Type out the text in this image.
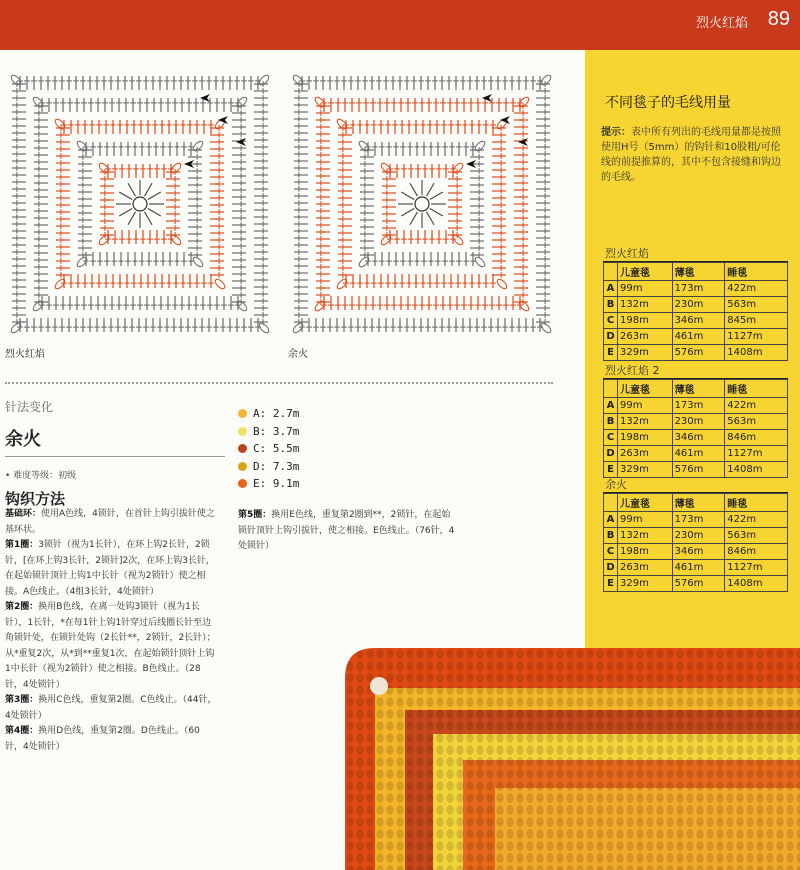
烈火红焰 89
烈火红焰	余火
针法变化
余火
• 难度等级：初级
钩织方法
基础环：使用A色线，4锁针，在首针上钩引拔针使之基环状。
第1圈：3锁针（视为1长针），在环上钩2长针，2锁针，[在环上钩3长针，2锁针]2次，在环上钩3长针，在起始锁针顶针上钩1中长针（视为2锁针）使之相接。A色线止。（4组3长针，4处锁针）
第2圈：换用B色线，在离一处钩3锁针（视为1长针），1长针，*在每1针上钩1针穿过后线圈长针至边角锁针处，在锁针处钩（2长针**，2锁针，2长针）；从*重复2次，从*到**重复1次，在起始锁针顶针上钩1中长针（视为2锁针）使之相接。B色线止。（28针，4处锁针）
第3圈：换用C色线，重复第2圈。C色线止。（44针，4处锁针）
第4圈：换用D色线，重复第2圈。D色线止。（60针，4处锁针）
A: 2.7m
B: 3.7m
C: 5.5m
D: 7.3m
E: 9.1m
第5圈：换用E色线，重复第2圈到**，2锁针，在起始锁针顶针上钩引拔针，使之相接。E色线止。（76针，4处锁针）
不同毯子的毛线用量
提示：表中所有列出的毛线用量都是按照使用H号（5mm）的钩针和10股粗/可伦线的前提推算的，其中不包含接缝和钩边的毛线。
烈火红焰
	儿童毯	薄毯	睡毯
A	99m	173m	422m
B	132m	230m	563m
C	198m	346m	845m
D	263m	461m	1127m
E	329m	576m	1408m
烈火红焰 2
	儿童毯	薄毯	睡毯
A	99m	173m	422m
B	132m	230m	563m
C	198m	346m	846m
D	263m	461m	1127m
E	329m	576m	1408m
余火
	儿童毯	薄毯	睡毯
A	99m	173m	422m
B	132m	230m	563m
C	198m	346m	846m
D	263m	461m	1127m
E	329m	576m	1408m
